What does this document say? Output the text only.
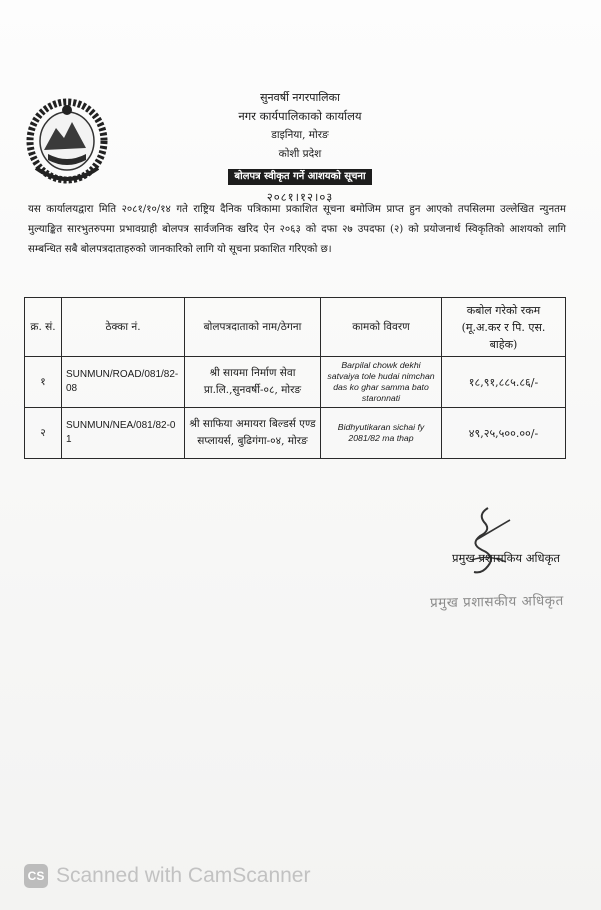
सुनवर्षी नगरपालिका
नगर कार्यपालिकाको कार्यालय
डाइनिया, मोरङ
कोशी प्रदेश
बोलपत्र स्वीकृत गर्ने आशयको सूचना
२०८१।१२।०३
यस कार्यालयद्वारा मिति २०८१/१०/१४ गते राष्ट्रिय दैनिक पत्रिकामा प्रकाशित सूचना बमोजिम प्राप्त हुन आएको तपसिलमा उल्लेखित न्युनतम मुल्याङ्कित सारभुतरुपमा प्रभावग्राही बोलपत्र सार्वजनिक खरिद ऐन २०६३ को दफा २७ उपदफा (२) को प्रयोजनार्थ स्विकृतिको आशयको लागि सम्बन्धित सबै बोलपत्रदाताहरुको जानकारिको लागि यो सूचना प्रकाशित गरिएको छ।
क्र. सं.	ठेक्का नं.	बोलपत्रदाताको नाम/ठेगना	कामको विवरण	कबोल गरेको रकम (मू.अ.कर र पि. एस. बाहेक)

१	SUNMUN/ROAD/081/82-08	श्री सायमा निर्माण सेवा प्रा.लि.,सुनवर्षी-०८, मोरङ	Barpilal chowk dekhi satvaiya tole hudai nimchan das ko ghar samma bato staronnati	१८,९१,८८५.८६/-
२	SUNMUN/NEA/081/82-01	श्री साफिया अमायरा बिल्डर्स एण्ड सप्लायर्स, बुढिगंगा-०४, मोरङ	Bidhyutikaran sichai fy 2081/82 ma thap	४९,२५,५००.००/-
प्रमुख प्रशासकिय अधिकृत
प्रमुख प्रशासकीय अधिकृत
CS Scanned with CamScanner
